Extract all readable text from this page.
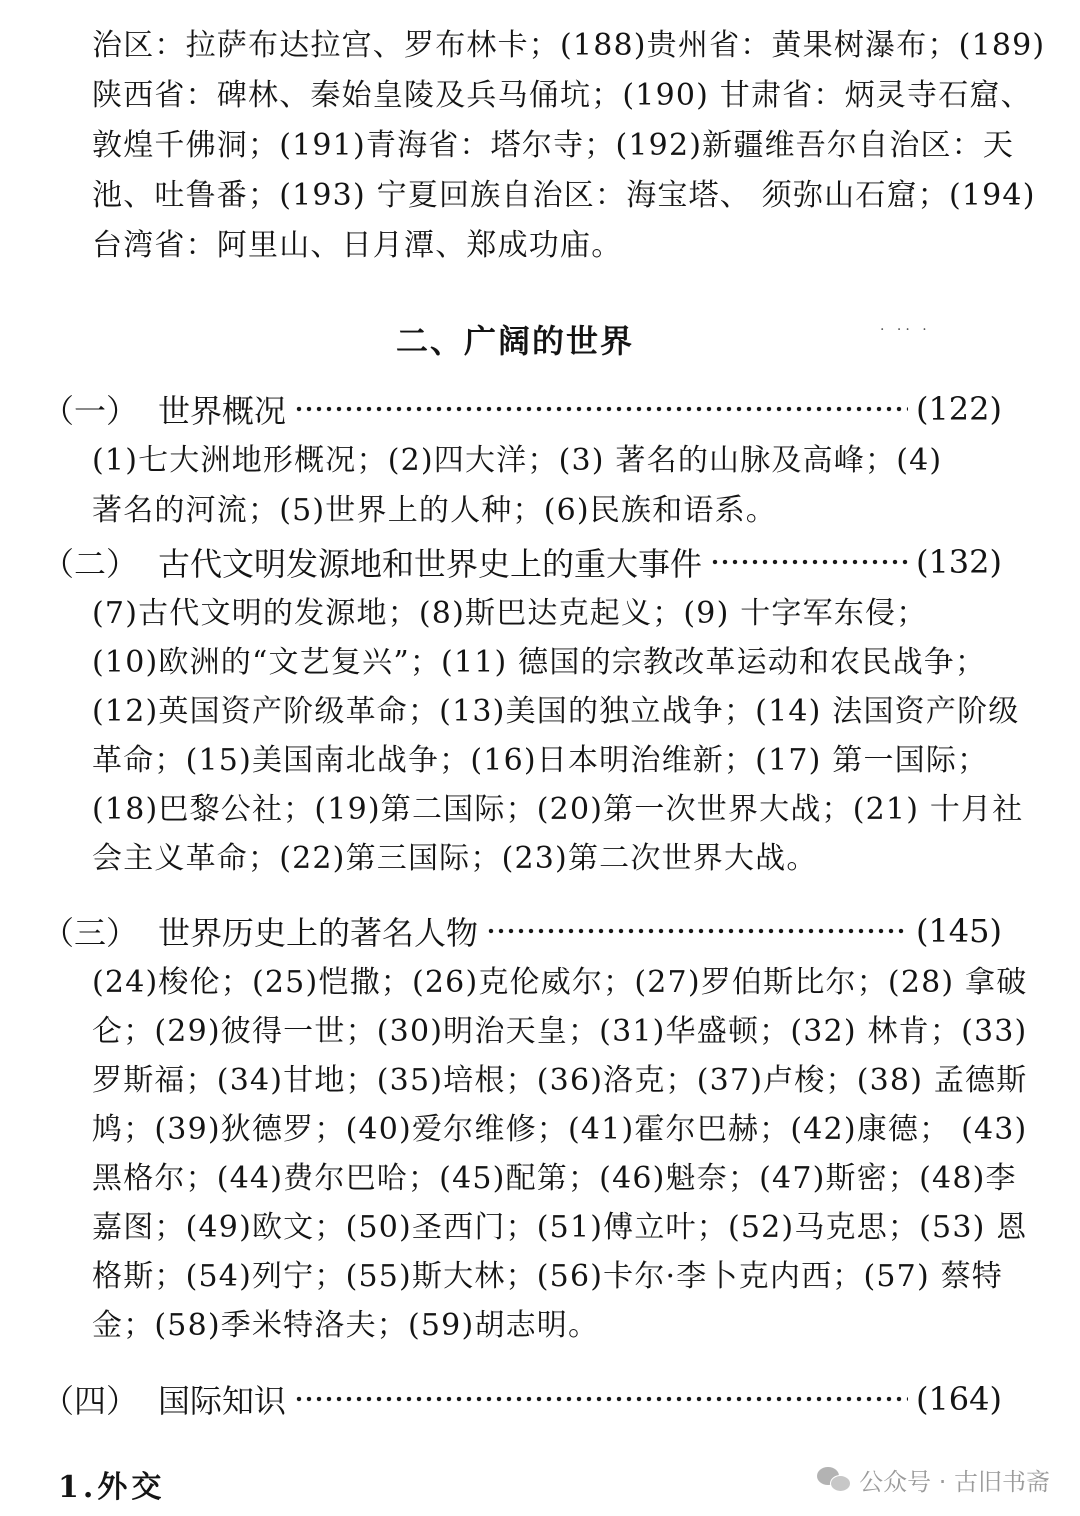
治区：拉萨布达拉宫、罗布林卡；(188)贵州省：黄果树瀑布；(189)
陕西省：碑林、秦始皇陵及兵马俑坑；(190) 甘肃省：炳灵寺石窟、
敦煌千佛洞；(191)青海省：塔尔寺；(192)新疆维吾尔自治区：天
池、吐鲁番；(193) 宁夏回族自治区：海宝塔、 须弥山石窟；(194)
台湾省：阿里山、日月潭、郑成功庙。
二、广阔的世界	· ·· ·
（一） 世界概况	(122)
(1)七大洲地形概况；(2)四大洋；(3) 著名的山脉及高峰；(4)
著名的河流；(5)世界上的人种；(6)民族和语系。
（二） 古代文明发源地和世界史上的重大事件	(132)
(7)古代文明的发源地；(8)斯巴达克起义；(9) 十字军东侵；
(10)欧洲的“文艺复兴”；(11) 德国的宗教改革运动和农民战争；
(12)英国资产阶级革命；(13)美国的独立战争；(14) 法国资产阶级
革命；(15)美国南北战争；(16)日本明治维新；(17) 第一国际；
(18)巴黎公社；(19)第二国际；(20)第一次世界大战；(21) 十月社
会主义革命；(22)第三国际；(23)第二次世界大战。
（三） 世界历史上的著名人物	(145)
(24)梭伦；(25)恺撒；(26)克伦威尔；(27)罗伯斯比尔；(28) 拿破
仑；(29)彼得一世；(30)明治天皇；(31)华盛顿；(32) 林肯；(33)
罗斯福；(34)甘地；(35)培根；(36)洛克；(37)卢梭；(38) 孟德斯
鸠；(39)狄德罗；(40)爱尔维修；(41)霍尔巴赫；(42)康德； (43)
黑格尔；(44)费尔巴哈；(45)配第；(46)魁奈；(47)斯密；(48)李
嘉图；(49)欧文；(50)圣西门；(51)傅立叶；(52)马克思；(53) 恩
格斯；(54)列宁；(55)斯大林；(56)卡尔·李卜克内西；(57) 蔡特
金；(58)季米特洛夫；(59)胡志明。
（四） 国际知识	(164)
1.外交	公众号 · 古旧书斋
